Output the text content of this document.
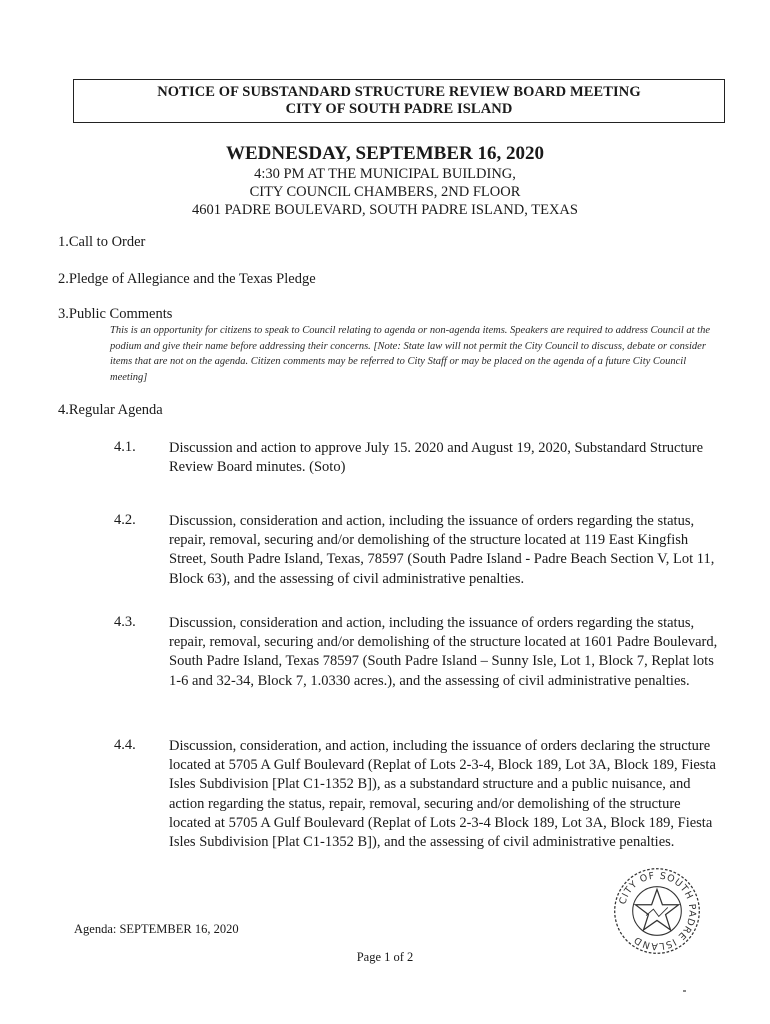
NOTICE OF SUBSTANDARD STRUCTURE REVIEW BOARD MEETING
CITY OF SOUTH PADRE ISLAND
WEDNESDAY, SEPTEMBER 16, 2020
4:30 PM AT THE MUNICIPAL BUILDING,
CITY COUNCIL CHAMBERS, 2ND FLOOR
4601 PADRE BOULEVARD, SOUTH PADRE ISLAND, TEXAS
1.Call to Order
2.Pledge of Allegiance and the Texas Pledge
3.Public Comments
This is an opportunity for citizens to speak to Council relating to agenda or non-agenda items. Speakers are required to address Council at the podium and give their name before addressing their concerns. [Note: State law will not permit the City Council to discuss, debate or consider items that are not on the agenda. Citizen comments may be referred to City Staff or may be placed on the agenda of a future City Council meeting]
4.Regular Agenda
4.1. Discussion and action to approve July 15. 2020 and August 19, 2020, Substandard Structure Review Board minutes. (Soto)
4.2. Discussion, consideration and action, including the issuance of orders regarding the status, repair, removal, securing and/or demolishing of the structure located at 119 East Kingfish Street, South Padre Island, Texas, 78597 (South Padre Island - Padre Beach Section V, Lot 11, Block 63), and the assessing of civil administrative penalties.
4.3. Discussion, consideration and action, including the issuance of orders regarding the status, repair, removal, securing and/or demolishing of the structure located at 1601 Padre Boulevard, South Padre Island, Texas 78597 (South Padre Island – Sunny Isle, Lot 1, Block 7, Replat lots 1-6 and 32-34, Block 7, 1.0330 acres.), and the assessing of civil administrative penalties.
4.4. Discussion, consideration, and action, including the issuance of orders declaring the structure located at 5705 A Gulf Boulevard (Replat of Lots 2-3-4, Block 189, Lot 3A, Block 189, Fiesta Isles Subdivision [Plat C1-1352 B]), as a substandard structure and a public nuisance, and action regarding the status, repair, removal, securing and/or demolishing of the structure located at 5705 A Gulf Boulevard (Replat of Lots 2-3-4 Block 189, Lot 3A, Block 189, Fiesta Isles Subdivision [Plat C1-1352 B]), and the assessing of civil administrative penalties.
Agenda: SEPTEMBER 16, 2020
Page 1 of 2
CITY OF SOUTH PADRE ISLAND
